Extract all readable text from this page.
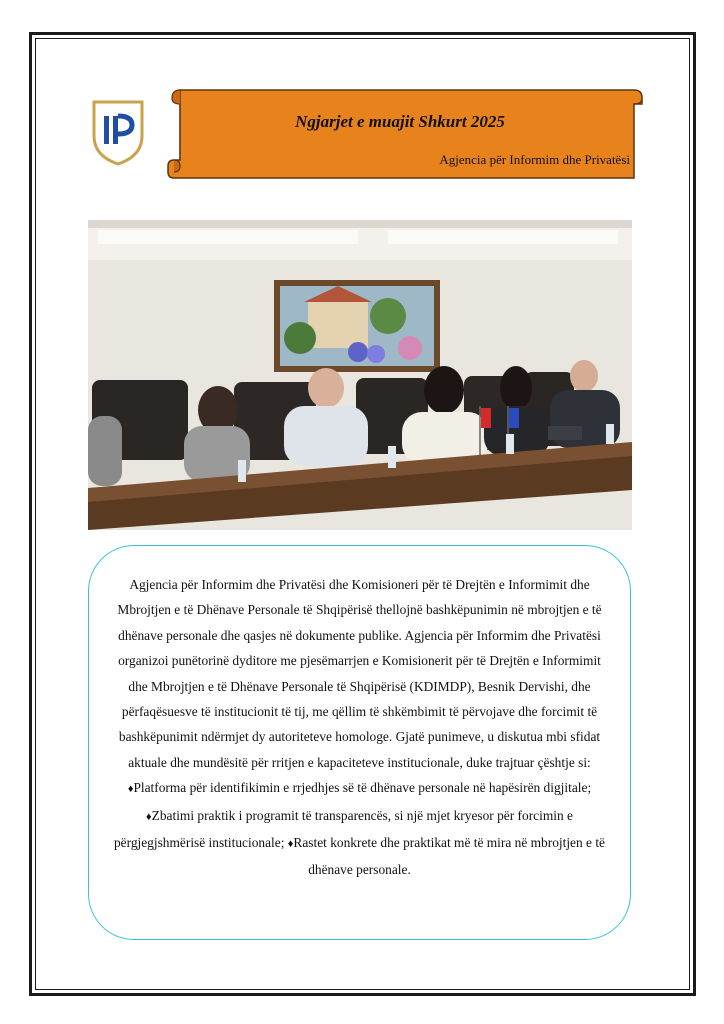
Ngjarjet e muajit Shkurt 2025
Agjencia për Informim dhe Privatësi

Agjencia për Informim dhe Privatësi dhe Komisioneri për të Drejtën e Informimit dhe Mbrojtjen e të Dhënave Personale të Shqipërisë thellojnë bashkëpunimin në mbrojtjen e të dhënave personale dhe qasjes në dokumente publike. Agjencia për Informim dhe Privatësi organizoi punëtorinë dyditore me pjesëmarrjen e Komisionerit për të Drejtën e Informimit dhe Mbrojtjen e të Dhënave Personale të Shqipërisë (KDIMDP), Besnik Dervishi, dhe përfaqësuesve të institucionit të tij, me qëllim të shkëmbimit të përvojave dhe forcimit të bashkëpunimit ndërmjet dy autoriteteve homologe. Gjatë punimeve, u diskutua mbi sfidat aktuale dhe mundësitë për rritjen e kapaciteteve institucionale, duke trajtuar çështje si: ♦Platforma për identifikimin e rrjedhjes së të dhënave personale në hapësirën digjitale; ♦Zbatimi praktik i programit të transparencës, si një mjet kryesor për forcimin e përgjegjshmërisë institucionale; ♦Rastet konkrete dhe praktikat më të mira në mbrojtjen e të dhënave personale.
